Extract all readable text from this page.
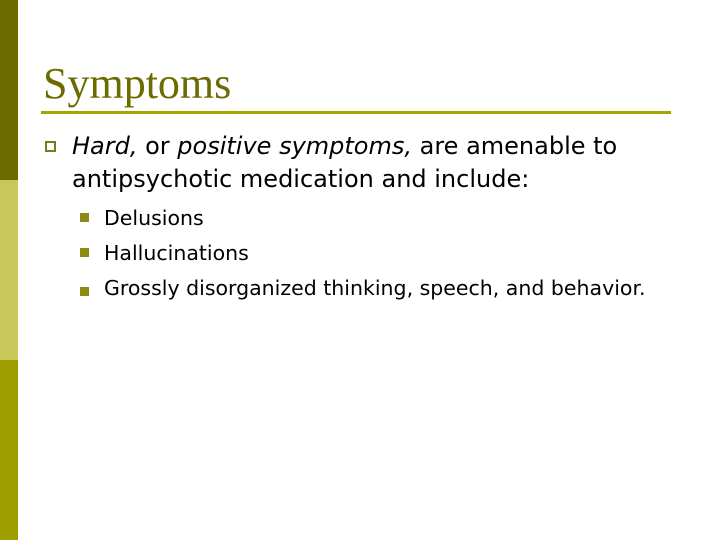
Symptoms
Hard, or positive symptoms, are amenable to antipsychotic medication and include:
Delusions
Hallucinations
Grossly disorganized thinking, speech, and behavior.
